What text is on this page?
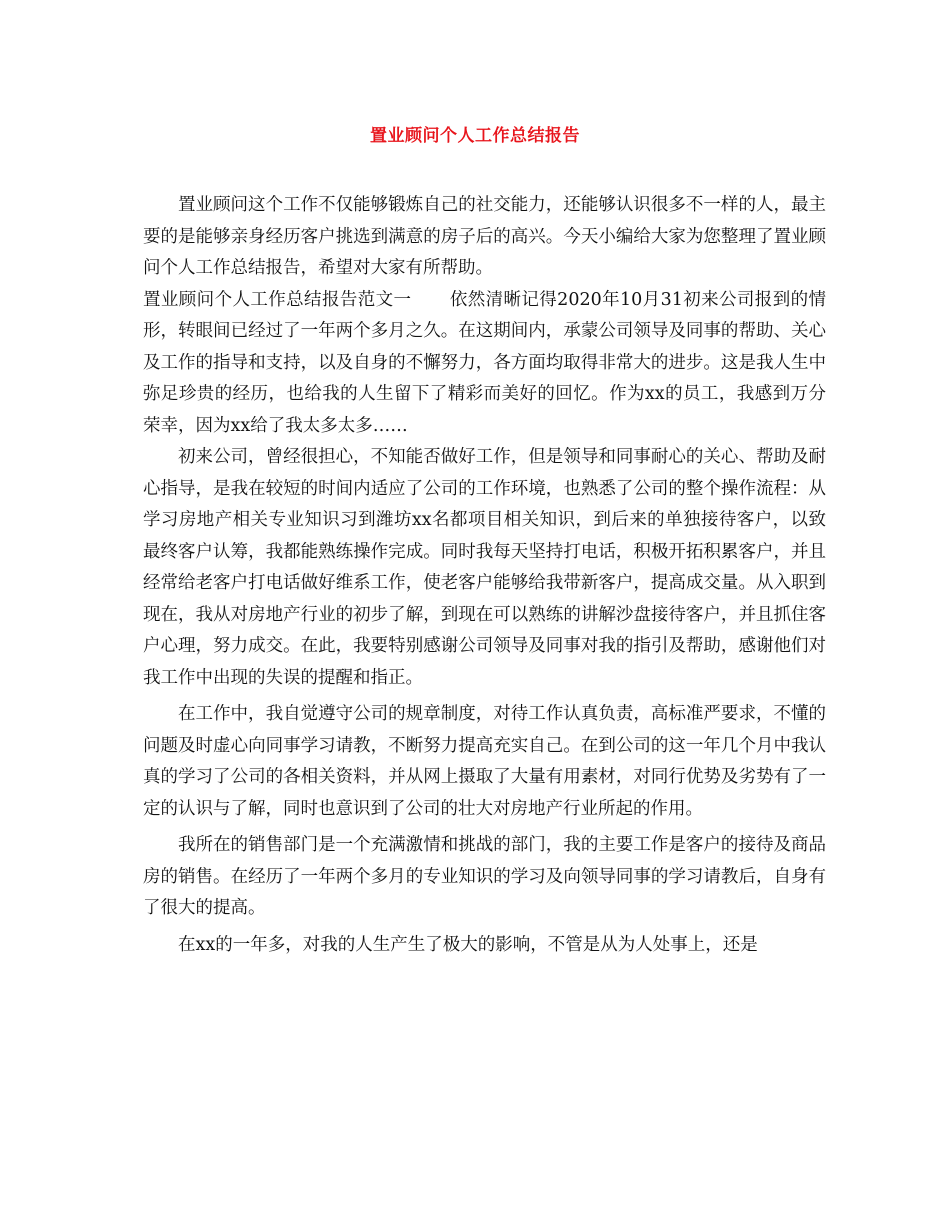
置业顾问个人工作总结报告

置业顾问这个工作不仅能够锻炼自己的社交能力，还能够认识很多不一样的人，最主要的是能够亲身经历客户挑选到满意的房子后的高兴。今天小编给大家为您整理了置业顾问个人工作总结报告，希望对大家有所帮助。

置业顾问个人工作总结报告范文一 依然清晰记得2020年10月31初来公司报到的情形，转眼间已经过了一年两个多月之久。在这期间内，承蒙公司领导及同事的帮助、关心及工作的指导和支持，以及自身的不懈努力，各方面均取得非常大的进步。这是我人生中弥足珍贵的经历，也给我的人生留下了精彩而美好的回忆。作为xx的员工，我感到万分荣幸，因为xx给了我太多太多……

初来公司，曾经很担心，不知能否做好工作，但是领导和同事耐心的关心、帮助及耐心指导，是我在较短的时间内适应了公司的工作环境，也熟悉了公司的整个操作流程：从学习房地产相关专业知识习到潍坊xx名都项目相关知识，到后来的单独接待客户，以致最终客户认筹，我都能熟练操作完成。同时我每天坚持打电话，积极开拓积累客户，并且经常给老客户打电话做好维系工作，使老客户能够给我带新客户，提高成交量。从入职到现在，我从对房地产行业的初步了解，到现在可以熟练的讲解沙盘接待客户，并且抓住客户心理，努力成交。在此，我要特别感谢公司领导及同事对我的指引及帮助，感谢他们对我工作中出现的失误的提醒和指正。

在工作中，我自觉遵守公司的规章制度，对待工作认真负责，高标准严要求，不懂的问题及时虚心向同事学习请教，不断努力提高充实自己。在到公司的这一年几个月中我认真的学习了公司的各相关资料，并从网上摄取了大量有用素材，对同行优势及劣势有了一定的认识与了解，同时也意识到了公司的壮大对房地产行业所起的作用。

我所在的销售部门是一个充满激情和挑战的部门，我的主要工作是客户的接待及商品房的销售。在经历了一年两个多月的专业知识的学习及向领导同事的学习请教后，自身有了很大的提高。

在xx的一年多，对我的人生产生了极大的影响，不管是从为人处事上，还是
